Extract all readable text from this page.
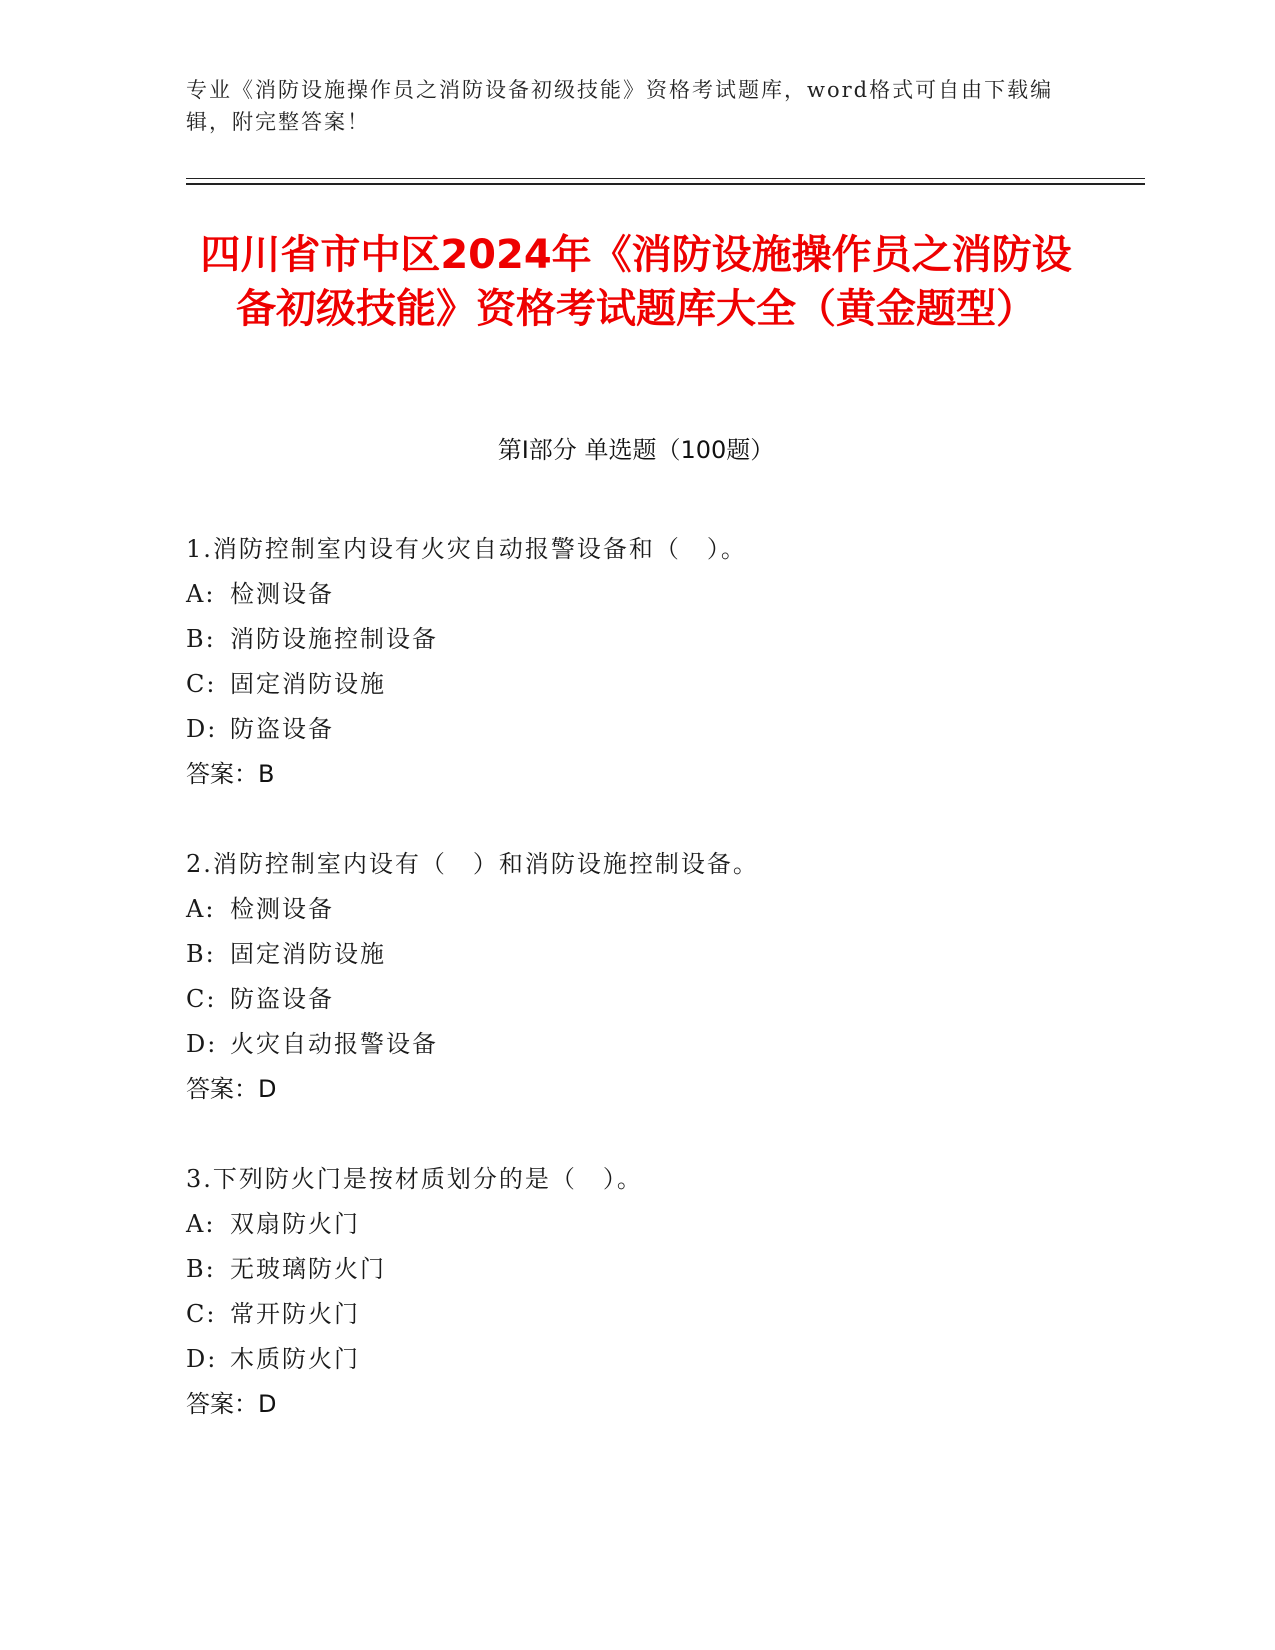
专业《消防设施操作员之消防设备初级技能》资格考试题库，word格式可自由下载编辑，附完整答案！
四川省市中区2024年《消防设施操作员之消防设备初级技能》资格考试题库大全（黄金题型）
第I部分 单选题（100题）
1.消防控制室内设有火灾自动报警设备和（　）。
A: 检测设备
B: 消防设施控制设备
C: 固定消防设施
D: 防盗设备
答案：B
2.消防控制室内设有（　）和消防设施控制设备。
A: 检测设备
B: 固定消防设施
C: 防盗设备
D: 火灾自动报警设备
答案：D
3.下列防火门是按材质划分的是（　）。
A: 双扇防火门
B: 无玻璃防火门
C: 常开防火门
D: 木质防火门
答案：D
